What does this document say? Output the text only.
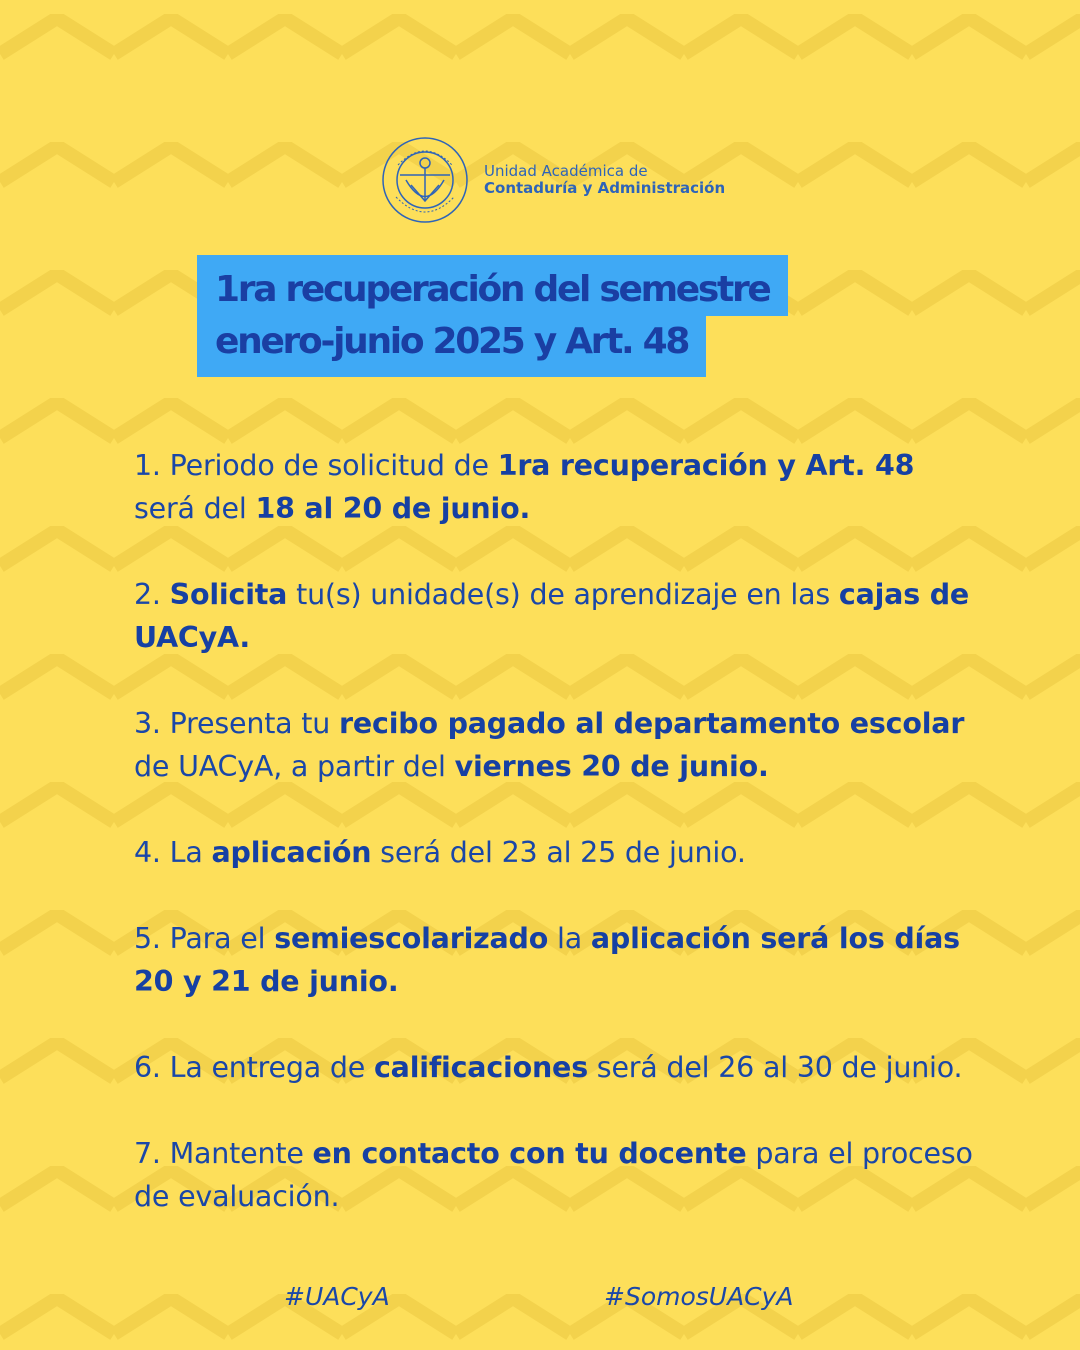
Unidad Académica de
Contaduría y Administración
1ra recuperación del semestre
enero-junio 2025 y Art. 48
1. Periodo de solicitud de 1ra recuperación y Art. 48 será del 18 al 20 de junio.
2. Solicita tu(s) unidade(s) de aprendizaje en las cajas de UACyA.
3. Presenta tu recibo pagado al departamento escolar de UACyA, a partir del viernes 20 de junio.
4. La aplicación será del 23 al 25 de junio.
5. Para el semiescolarizado la aplicación será los días 20 y 21 de junio.
6. La entrega de calificaciones será del 26 al 30 de junio.
7. Mantente en contacto con tu docente para el proceso de evaluación.
#UACyA	#SomosUACyA
